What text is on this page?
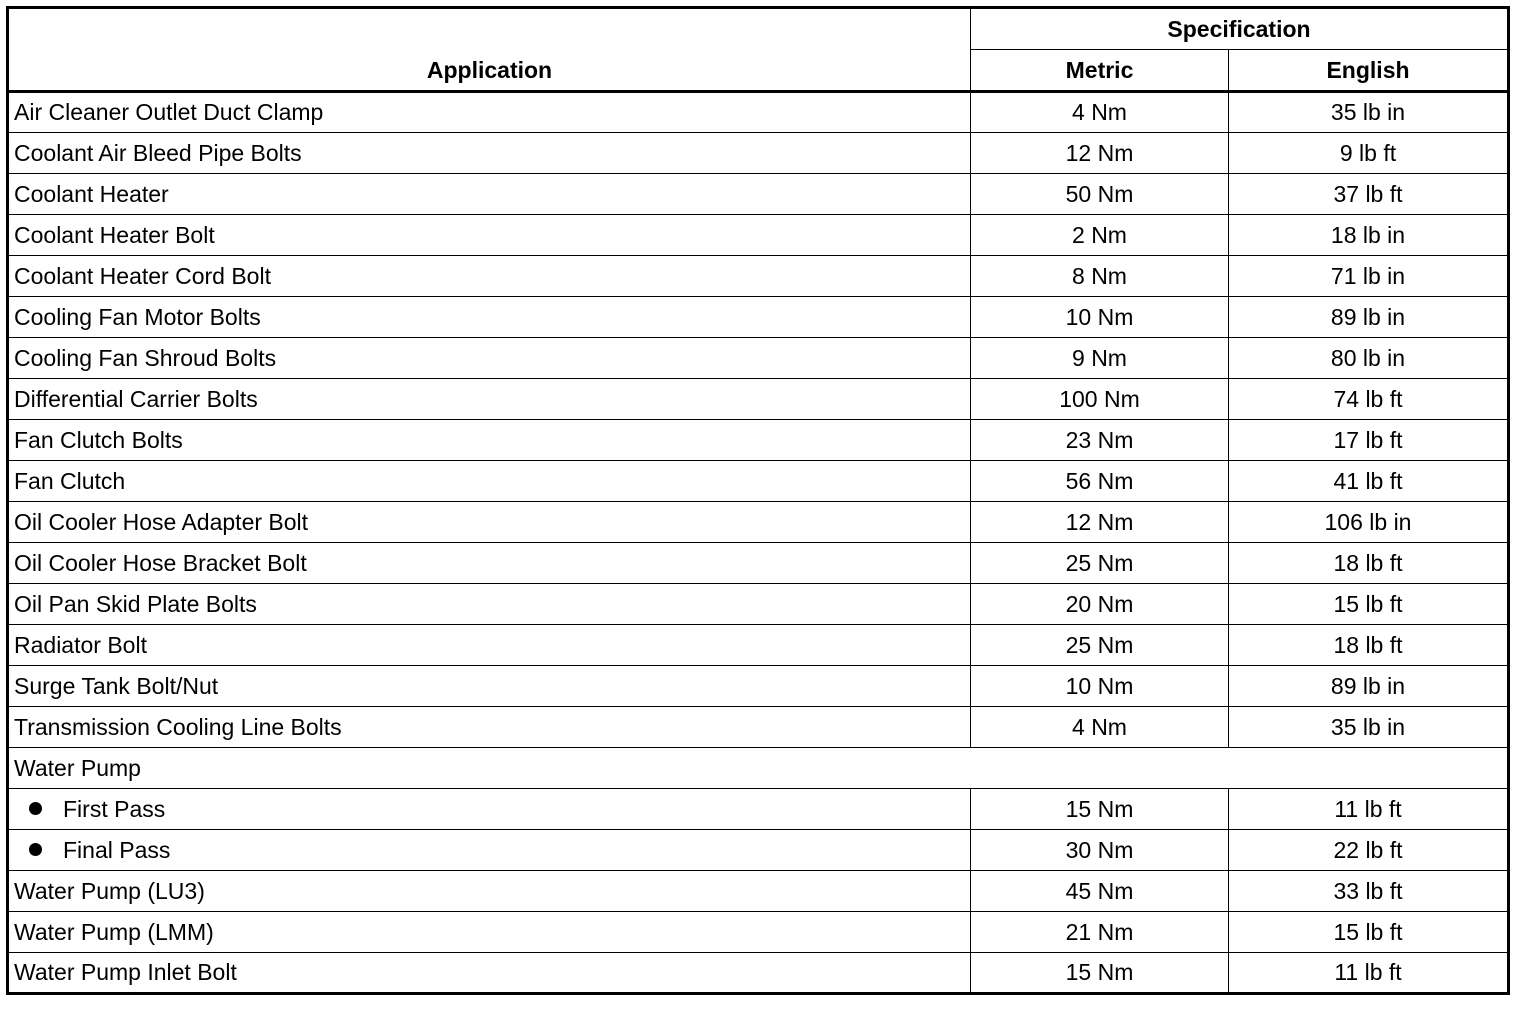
Application	Specification	
	Metric	English
Air Cleaner Outlet Duct Clamp	4 Nm	35 lb in
Coolant Air Bleed Pipe Bolts	12 Nm	9 lb ft
Coolant Heater	50 Nm	37 lb ft
Coolant Heater Bolt	2 Nm	18 lb in
Coolant Heater Cord Bolt	8 Nm	71 lb in
Cooling Fan Motor Bolts	10 Nm	89 lb in
Cooling Fan Shroud Bolts	9 Nm	80 lb in
Differential Carrier Bolts	100 Nm	74 lb ft
Fan Clutch Bolts	23 Nm	17 lb ft
Fan Clutch	56 Nm	41 lb ft
Oil Cooler Hose Adapter Bolt	12 Nm	106 lb in
Oil Cooler Hose Bracket Bolt	25 Nm	18 lb ft
Oil Pan Skid Plate Bolts	20 Nm	15 lb ft
Radiator Bolt	25 Nm	18 lb ft
Surge Tank Bolt/Nut	10 Nm	89 lb in
Transmission Cooling Line Bolts	4 Nm	35 lb in
Water Pump		
First Pass	15 Nm	11 lb ft
Final Pass	30 Nm	22 lb ft
Water Pump (LU3)	45 Nm	33 lb ft
Water Pump (LMM)	21 Nm	15 lb ft
Water Pump Inlet Bolt	15 Nm	11 lb ft
